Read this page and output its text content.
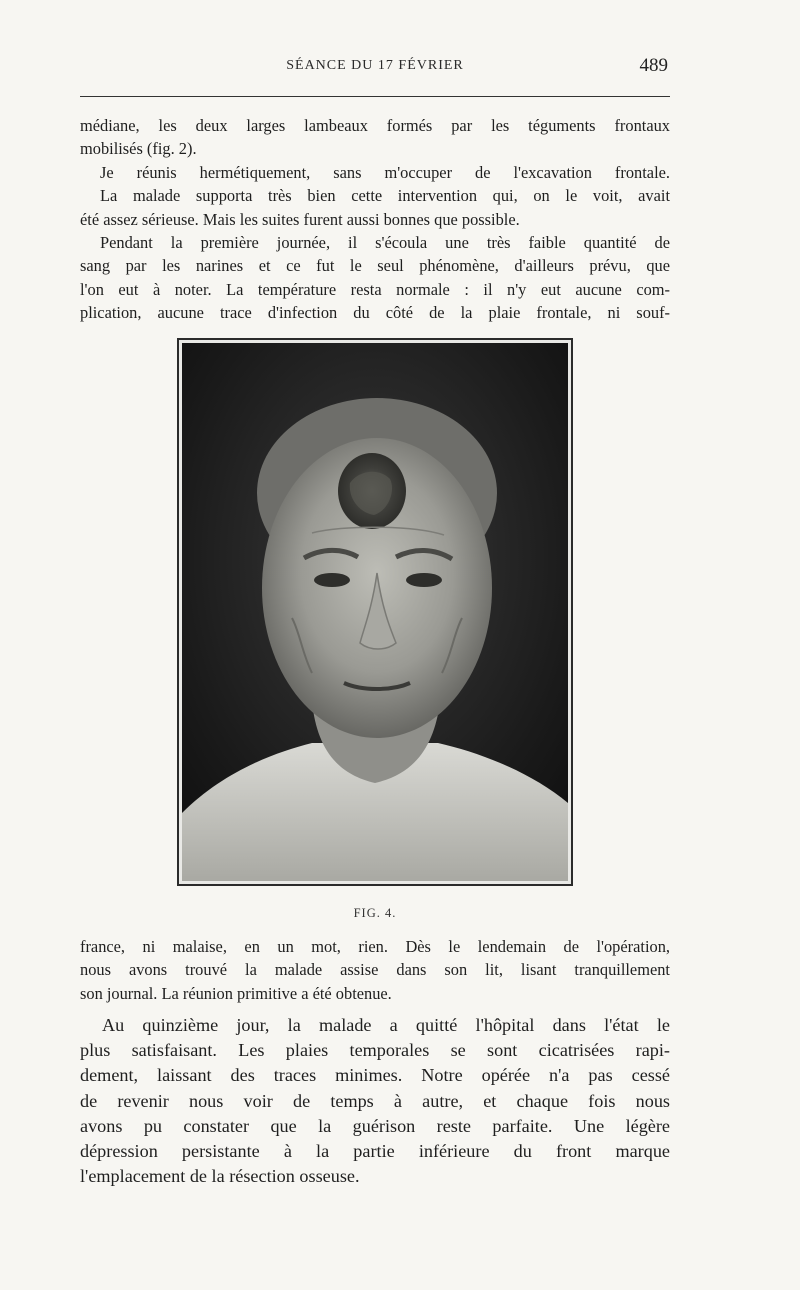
SÉANCE DU 17 FÉVRIER	489

médiane, les deux larges lambeaux formés par les téguments frontaux
mobilisés (fig. 2).
Je réunis hermétiquement, sans m'occuper de l'excavation frontale.
La malade supporta très bien cette intervention qui, on le voit, avait
été assez sérieuse. Mais les suites furent aussi bonnes que possible.
Pendant la première journée, il s'écoula une très faible quantité de
sang par les narines et ce fut le seul phénomène, d'ailleurs prévu, que
l'on eut à noter. La température resta normale : il n'y eut aucune com-
plication, aucune trace d'infection du côté de la plaie frontale, ni souf-

FIG. 4.

france, ni malaise, en un mot, rien. Dès le lendemain de l'opération,
nous avons trouvé la malade assise dans son lit, lisant tranquillement
son journal. La réunion primitive a été obtenue.

Au quinzième jour, la malade a quitté l'hôpital dans l'état le
plus satisfaisant. Les plaies temporales se sont cicatrisées rapi-
dement, laissant des traces minimes. Notre opérée n'a pas cessé
de revenir nous voir de temps à autre, et chaque fois nous
avons pu constater que la guérison reste parfaite. Une légère
dépression persistante à la partie inférieure du front marque
l'emplacement de la résection osseuse.
